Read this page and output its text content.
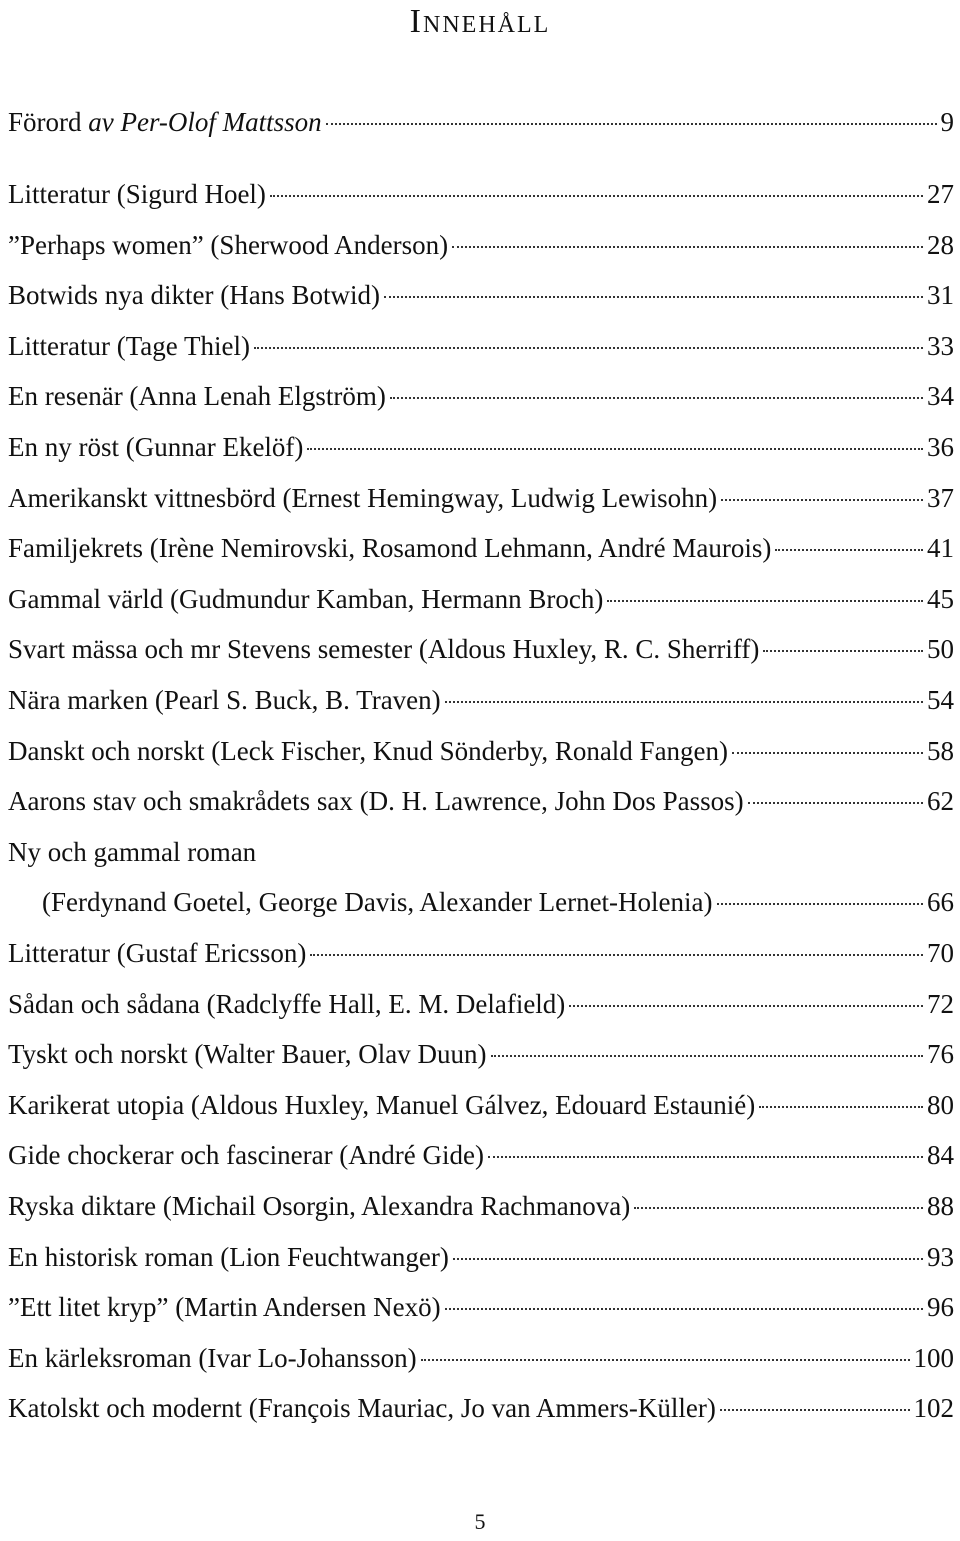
Innehåll
Förord av Per-Olof Mattsson	9
Litteratur (Sigurd Hoel)	27
”Perhaps women” (Sherwood Anderson)	28
Botwids nya dikter (Hans Botwid)	31
Litteratur (Tage Thiel)	33
En resenär (Anna Lenah Elgström)	34
En ny röst (Gunnar Ekelöf)	36
Amerikanskt vittnesbörd (Ernest Hemingway, Ludwig Lewisohn)	37
Familjekrets (Irène Nemirovski, Rosamond Lehmann, André Maurois)	41
Gammal värld (Gudmundur Kamban, Hermann Broch)	45
Svart mässa och mr Stevens semester (Aldous Huxley, R. C. Sherriff)	50
Nära marken (Pearl S. Buck, B. Traven)	54
Danskt och norskt (Leck Fischer, Knud Sönderby, Ronald Fangen)	58
Aarons stav och smakrådets sax (D. H. Lawrence, John Dos Passos)	62
Ny och gammal roman
(Ferdynand Goetel, George Davis, Alexander Lernet-Holenia)	66
Litteratur (Gustaf Ericsson)	70
Sådan och sådana (Radclyffe Hall, E. M. Delafield)	72
Tyskt och norskt (Walter Bauer, Olav Duun)	76
Karikerat utopia (Aldous Huxley, Manuel Gálvez, Edouard Estaunié)	80
Gide chockerar och fascinerar (André Gide)	84
Ryska diktare (Michail Osorgin, Alexandra Rachmanova)	88
En historisk roman (Lion Feuchtwanger)	93
”Ett litet kryp” (Martin Andersen Nexö)	96
En kärleksroman (Ivar Lo-Johansson)	100
Katolskt och modernt (François Mauriac, Jo van Ammers-Küller)	102
5
